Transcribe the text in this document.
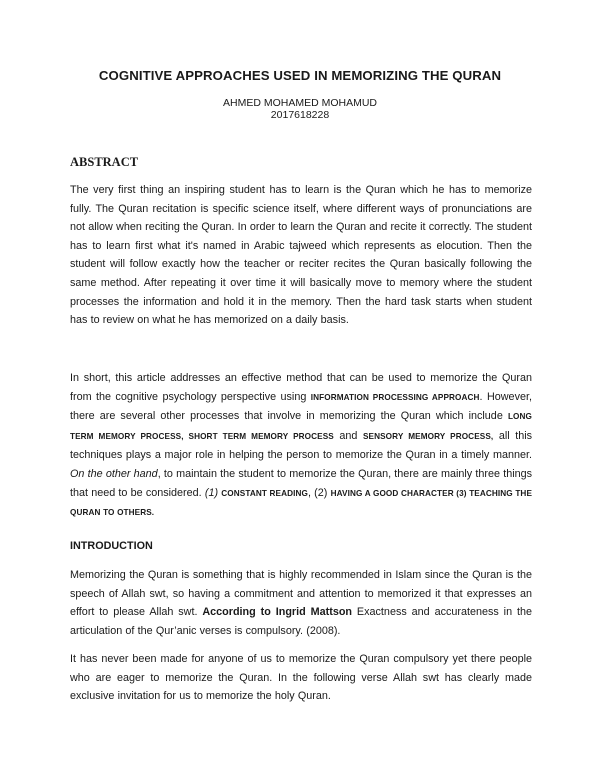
COGNITIVE APPROACHES USED IN MEMORIZING THE QURAN
AHMED MOHAMED MOHAMUD
2017618228
ABSTRACT
The very first thing an inspiring student has to learn is the Quran which he has to memorize fully. The Quran recitation is specific science itself, where different ways of pronunciations are not allow when reciting the Quran. In order to learn the Quran and recite it correctly. The student has to learn first what it's named in Arabic tajweed which represents as elocution. Then the student will follow exactly how the teacher or reciter recites the Quran basically following the same method. After repeating it over time it will basically move to memory where the student processes the information and hold it in the memory. Then the hard task starts when student has to review on what he has memorized on a daily basis.
In short, this article addresses an effective method that can be used to memorize the Quran from the cognitive psychology perspective using INFORMATION PROCESSING APPROACH. However, there are several other processes that involve in memorizing the Quran which include LONG TERM MEMORY PROCESS, SHORT TERM MEMORY PROCESS and SENSORY MEMORY PROCESS, all this techniques plays a major role in helping the person to memorize the Quran in a timely manner. On the other hand, to maintain the student to memorize the Quran, there are mainly three things that need to be considered. (1) CONSTANT READING, (2) HAVING A GOOD CHARACTER (3) TEACHING THE QURAN TO OTHERS.
INTRODUCTION
Memorizing the Quran is something that is highly recommended in Islam since the Quran is the speech of Allah swt, so having a commitment and attention to memorized it that expresses an effort to please Allah swt. According to Ingrid Mattson Exactness and accurateness in the articulation of the Qur’anic verses is compulsory. (2008).
It has never been made for anyone of us to memorize the Quran compulsory yet there people who are eager to memorize the Quran. In the following verse Allah swt has clearly made exclusive invitation for us to memorize the holy Quran.
